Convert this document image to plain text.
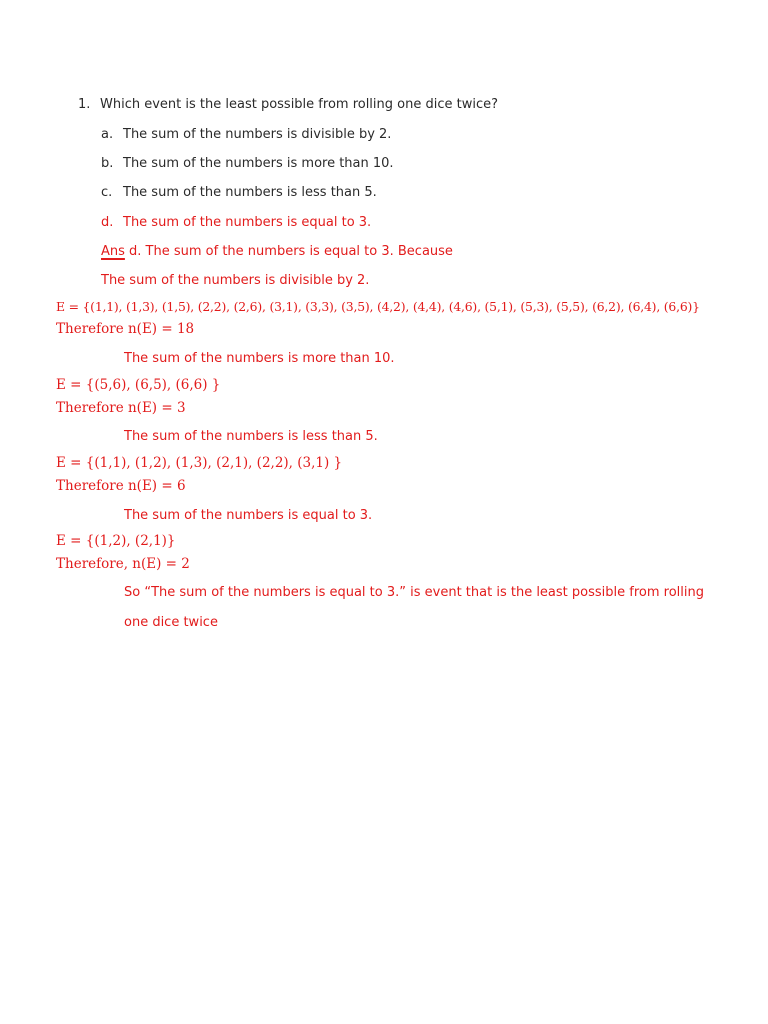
1. Which event is the least possible from rolling one dice twice?
a. The sum of the numbers is divisible by 2.
b. The sum of the numbers is more than 10.
c. The sum of the numbers is less than 5.
d. The sum of the numbers is equal to 3.
Ans d. The sum of the numbers is equal to 3. Because
The sum of the numbers is divisible by 2.
E = {(1,1), (1,3), (1,5), (2,2), (2,6), (3,1), (3,3), (3,5), (4,2), (4,4), (4,6), (5,1), (5,3), (5,5), (6,2), (6,4), (6,6)}
Therefore n(E) = 18
The sum of the numbers is more than 10.
E = {(5,6), (6,5), (6,6) }
Therefore n(E) = 3
The sum of the numbers is less than 5.
E = {(1,1), (1,2), (1,3), (2,1), (2,2), (3,1) }
Therefore n(E) = 6
The sum of the numbers is equal to 3.
E = {(1,2), (2,1)}
Therefore, n(E) = 2
So “The sum of the numbers is equal to 3.” is event that is the least possible from rolling
one dice twice
